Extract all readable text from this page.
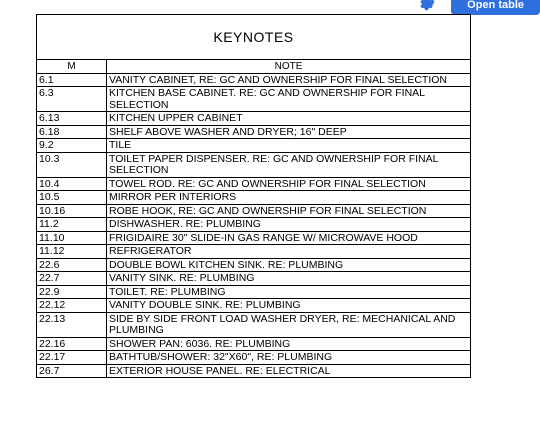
Open table
KEYNOTES
M	NOTE
6.1	VANITY CABINET, RE: GC AND OWNERSHIP FOR FINAL SELECTION
6.3	KITCHEN BASE CABINET. RE: GC AND OWNERSHIP FOR FINAL SELECTION
6.13	KITCHEN UPPER CABINET
6.18	SHELF ABOVE WASHER AND DRYER; 16" DEEP
9.2	TILE
10.3	TOILET PAPER DISPENSER. RE: GC AND OWNERSHIP FOR FINAL SELECTION
10.4	TOWEL ROD. RE: GC AND OWNERSHIP FOR FINAL SELECTION
10.5	MIRROR PER INTERIORS
10.16	ROBE HOOK, RE: GC AND OWNERSHIP FOR FINAL SELECTION
11.2	DISHWASHER. RE: PLUMBING
11.10	FRIGIDAIRE 30" SLIDE-IN GAS RANGE W/ MICROWAVE HOOD
11.12	REFRIGERATOR
22.6	DOUBLE BOWL KITCHEN SINK. RE: PLUMBING
22.7	VANITY SINK. RE: PLUMBING
22.9	TOILET. RE: PLUMBING
22.12	VANITY DOUBLE SINK. RE: PLUMBING
22.13	SIDE BY SIDE FRONT LOAD WASHER DRYER, RE: MECHANICAL AND PLUMBING
22.16	SHOWER PAN: 6036. RE: PLUMBING
22.17	BATHTUB/SHOWER: 32"X60", RE: PLUMBING
26.7	EXTERIOR HOUSE PANEL. RE: ELECTRICAL
